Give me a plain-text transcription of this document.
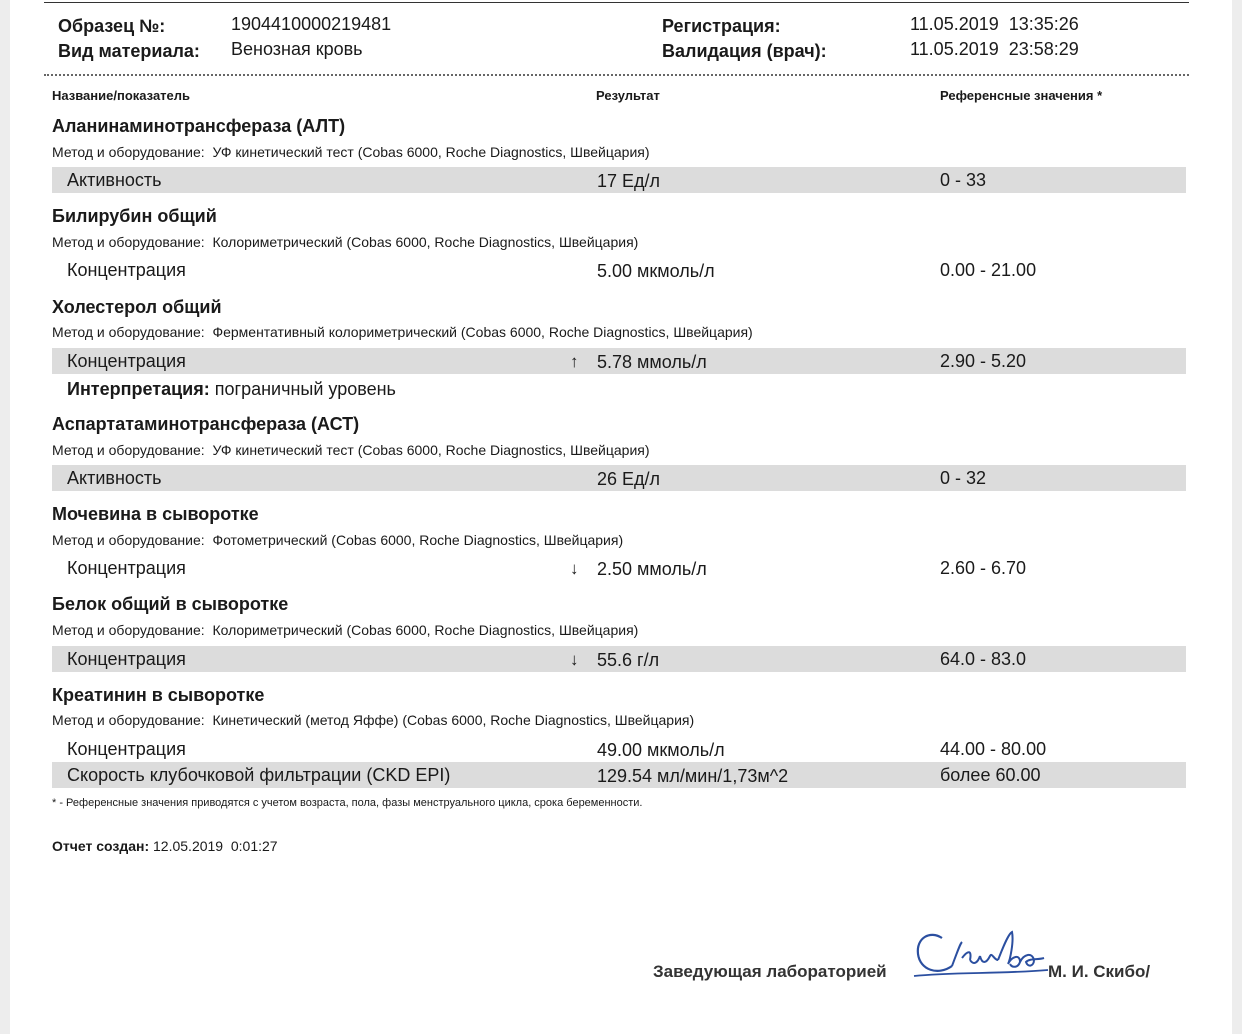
Образец №:	1904410000219481
Вид материала: Венозная кровь
Регистрация:	11.05.2019  13:35:26
Валидация (врач):	11.05.2019  23:58:29
Название/показатель	Результат	Референсные значения *
Аланинаминотрансфераза (АЛТ)
Метод и оборудование: УФ кинетический тест (Cobas 6000, Roche Diagnostics, Швейцария)
Активность	17 Ед/л	0 - 33
Билирубин общий
Метод и оборудование: Колориметрический (Cobas 6000, Roche Diagnostics, Швейцария)
Концентрация	5.00 мкмоль/л	0.00 - 21.00
Холестерол общий
Метод и оборудование: Ферментативный колориметрический (Cobas 6000, Roche Diagnostics, Швейцария)
Концентрация	↑ 5.78 ммоль/л	2.90 - 5.20
Интерпретация: пограничный уровень
Аспартатаминотрансфераза (АСТ)
Метод и оборудование: УФ кинетический тест (Cobas 6000, Roche Diagnostics, Швейцария)
Активность	26 Ед/л	0 - 32
Мочевина в сыворотке
Метод и оборудование: Фотометрический (Cobas 6000, Roche Diagnostics, Швейцария)
Концентрация	↓ 2.50 ммоль/л	2.60 - 6.70
Белок общий в сыворотке
Метод и оборудование: Колориметрический (Cobas 6000, Roche Diagnostics, Швейцария)
Концентрация	↓ 55.6 г/л	64.0 - 83.0
Креатинин в сыворотке
Метод и оборудование: Кинетический (метод Яффе) (Cobas 6000, Roche Diagnostics, Швейцария)
Концентрация	49.00 мкмоль/л	44.00 - 80.00
Скорость клубочковой фильтрации (CKD EPI)	129.54 мл/мин/1,73м^2	более 60.00
* - Референсные значения приводятся с учетом возраста, пола, фазы менструального цикла, срока беременности.
Отчет создан: 12.05.2019  0:01:27
Заведующая лабораторией	М. И. Скибо/
